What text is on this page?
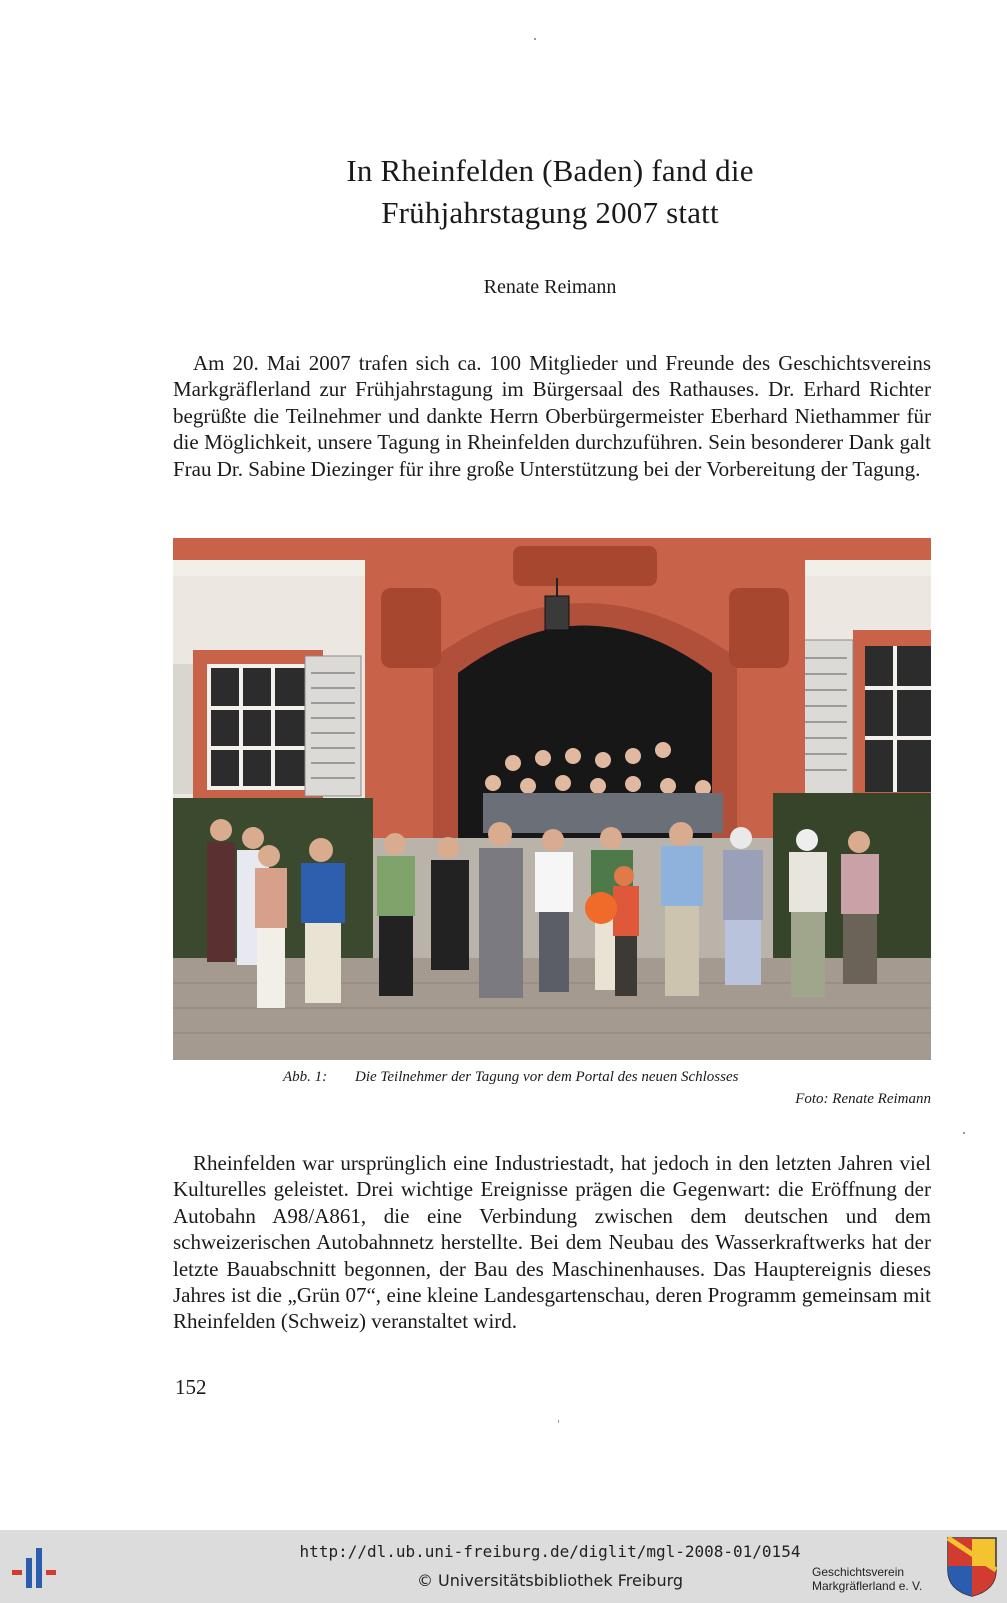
In Rheinfelden (Baden) fand die
Frühjahrstagung 2007 statt
Renate Reimann

Am 20. Mai 2007 trafen sich ca. 100 Mitglieder und Freunde des Geschichtsvereins Markgräflerland zur Frühjahrstagung im Bürgersaal des Rathauses. Dr. Erhard Richter begrüßte die Teilnehmer und dankte Herrn Oberbürgermeister Eberhard Niethammer für die Möglichkeit, unsere Tagung in Rheinfelden durchzuführen. Sein besonderer Dank galt Frau Dr. Sabine Diezinger für ihre große Unterstützung bei der Vorbereitung der Tagung.

Abb. 1: Die Teilnehmer der Tagung vor dem Portal des neuen Schlosses
Foto: Renate Reimann

Rheinfelden war ursprünglich eine Industriestadt, hat jedoch in den letzten Jahren viel Kulturelles geleistet. Drei wichtige Ereignisse prägen die Gegenwart: die Eröffnung der Autobahn A98/A861, die eine Verbindung zwischen dem deutschen und dem schweizerischen Autobahnnetz herstellte. Bei dem Neubau des Wasserkraftwerks hat der letzte Bauabschnitt begonnen, der Bau des Maschinenhauses. Das Hauptereignis dieses Jahres ist die „Grün 07“, eine kleine Landesgartenschau, deren Programm gemeinsam mit Rheinfelden (Schweiz) veranstaltet wird.

152
http://dl.ub.uni-freiburg.de/diglit/mgl-2008-01/0154
© Universitätsbibliothek Freiburg	Geschichtsverein
Markgräflerland e. V.
